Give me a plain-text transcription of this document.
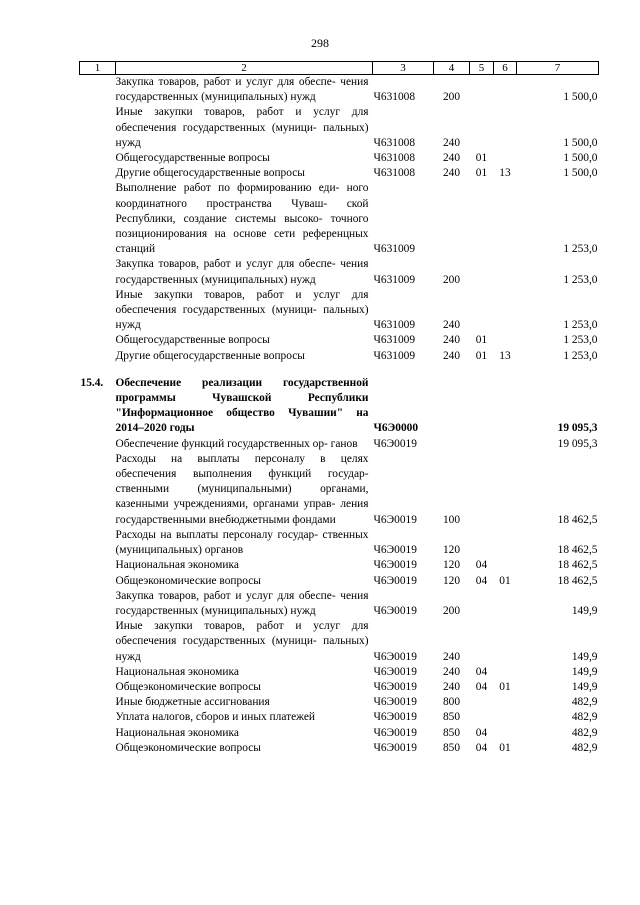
298
1	2	3	4	5	6	7
	Закупка товаров, работ и услуг для обеспе- чения государственных (муниципальных) нужд	Ч631008	200			1 500,0
	Иные закупки товаров, работ и услуг для обеспечения государственных (муници- пальных) нужд	Ч631008	240			1 500,0
	Общегосударственные вопросы	Ч631008	240	01		1 500,0
	Другие общегосударственные вопросы	Ч631008	240	01	13	1 500,0
	Выполнение работ по формированию еди- ного координатного пространства Чуваш- ской Республики, создание системы высоко- точного позиционирования на основе сети референцных станций	Ч631009				1 253,0
	Закупка товаров, работ и услуг для обеспе- чения государственных (муниципальных) нужд	Ч631009	200			1 253,0
	Иные закупки товаров, работ и услуг для обеспечения государственных (муници- пальных) нужд	Ч631009	240			1 253,0
	Общегосударственные вопросы	Ч631009	240	01		1 253,0
	Другие общегосударственные вопросы	Ч631009	240	01	13	1 253,0

15.4.	Обеспечение реализации государственной программы Чувашской Республики "Информационное общество Чувашии" на 2014–2020 годы	Ч6Э0000				19 095,3
	Обеспечение функций государственных ор- ганов	Ч6Э0019				19 095,3
	Расходы на выплаты персоналу в целях обеспечения выполнения функций государ- ственными (муниципальными) органами, казенными учреждениями, органами управ- ления государственными внебюджетными фондами	Ч6Э0019	100			18 462,5
	Расходы на выплаты персоналу государ- ственных (муниципальных) органов	Ч6Э0019	120			18 462,5
	Национальная экономика	Ч6Э0019	120	04		18 462,5
	Общеэкономические вопросы	Ч6Э0019	120	04	01	18 462,5
	Закупка товаров, работ и услуг для обеспе- чения государственных (муниципальных) нужд	Ч6Э0019	200			149,9
	Иные закупки товаров, работ и услуг для обеспечения государственных (муници- пальных) нужд	Ч6Э0019	240			149,9
	Национальная экономика	Ч6Э0019	240	04		149,9
	Общеэкономические вопросы	Ч6Э0019	240	04	01	149,9
	Иные бюджетные ассигнования	Ч6Э0019	800			482,9
	Уплата налогов, сборов и иных платежей	Ч6Э0019	850			482,9
	Национальная экономика	Ч6Э0019	850	04		482,9
	Общеэкономические вопросы	Ч6Э0019	850	04	01	482,9
